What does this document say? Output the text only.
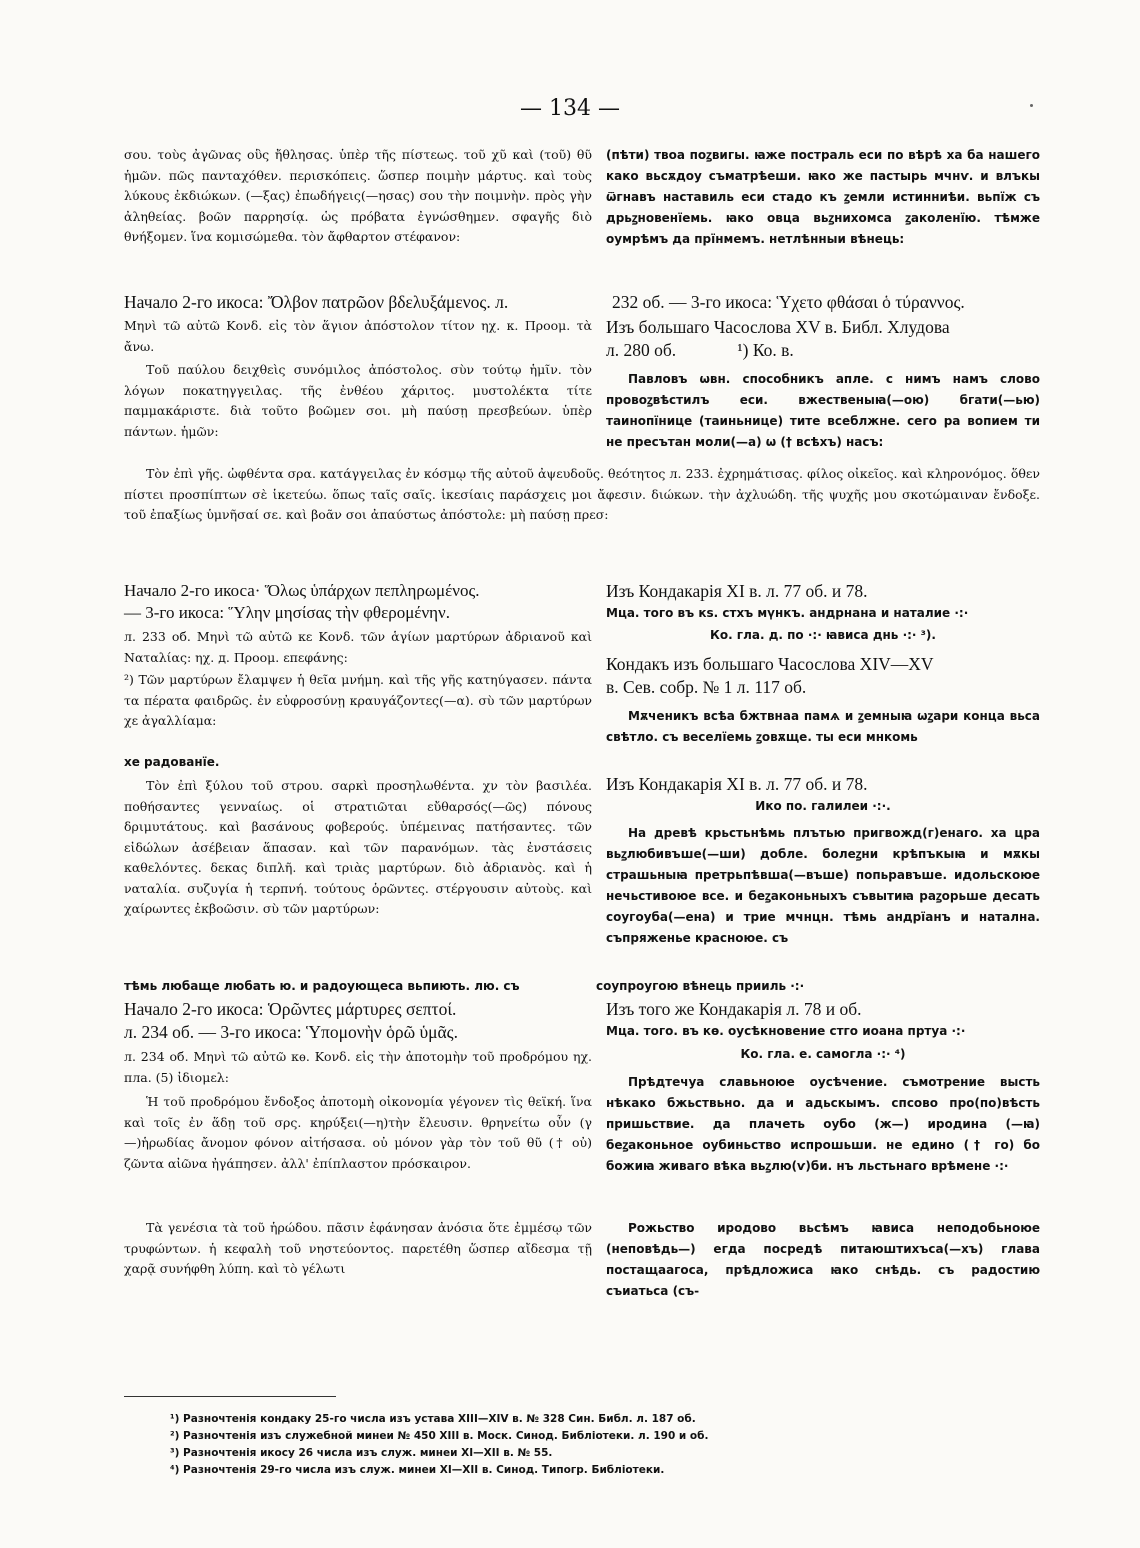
— 134 —
σου. τοὺς ἀγῶνας οὓς ἤθλησας. ὑπὲρ τῆς πίστεως. τοῦ χῦ καὶ (τοῦ) θῦ ἡμῶν. πῶς πανταχόθεν. περισκόπεις. ὥσπερ ποιμὴν μάρτυς. καὶ τοὺς λύκους ἐκδιώκων. (—ξας) ἐπωδήγεις(—ησας) σου τὴν ποιμνὴν. πρὸς γὴν ἀληθείας. βοῶν παρρησίᾳ. ὡς πρόβατα ἐγνώσθημεν. σφαγῆς διὸ θνήξομεν. ἵνα κομισώμεθα. τὸν ἄφθαρτον στέφανον:
Начало 2-го икоса: Ὄλβον πατρῶον βδελυξάμενος. л.
Μηνὶ τῶ αὐτῶ Κονδ. εἰς τὸν ἅγιον ἀπόστολον τίτον ηχ. к. Προομ. τὰ ἄνω.
Τοῦ παύλου δειχθεὶς συνόμιλος ἀπόστολος. σὺν τούτῳ ἡμῖν. τὸν λόγων ποκατηγγειλας. τῆς ἐνθέου χάριτος. μυστολέκτα τίτε παμμακάριστε. διὰ τοῦτο βοῶμεν σοι. μὴ παύσῃ πρεσβεύων. ὑπὲρ πάντων. ἡμῶν:
(пѣти) твоа поꙁвигы. ꙗже постраль еси по вѣрѣ ха ба нашего како вьсѫдоу съматрѣеши. ꙗко же пастырь мчнѵ. и влъкы ѿгнавъ наставиль еси стадо къ ꙁемли истинниѣи. вьпїж съ дрьꙁновенїемь. ꙗко овца вьꙁнихомса ꙁаколенїю. тѣмже оумрѣмъ да прїнмемъ. нетлѣнныи вѣнець:
232 об. — 3-го икоса: Ὑχετο φθάσαι ὁ τύραννος.
Изъ большаго Часослова XV в. Библ. Хлудова
л. 280 об.              ¹) Ко. в.
Павловъ ѡвн. способникъ апле. с нимъ намъ слово провоꙁвѣстилъ еси. вжественыꙗ(—ою) бгати(—ью) таинопїнице (таиньнице) тите всеблжне. сего ра вопием ти не пресътан моли(—а) ω († всѣхъ) насъ:
Τὸν ἐπὶ γῆς. ὠφθέντα σρα. κατάγγειλας ἐν κόσμῳ τῆς αὐτοῦ ἀψευδοῦς. θεότητος л. 233. ἐχρημάτισας. φίλος οἰκεῖος. καὶ κληρονόμος. ὅθεν πίστει προσπίπτων σὲ ἱκετεύω. ὅπως ταῖς σαῖς. ἱκεσίαις παράσχεις μοι ἄφεσιν. διώκων. τὴν ἀχλυώδη. τῆς ψυχῆς μου σκοτώμαιναν ἔνδοξε. τοῦ ἐπαξίως ὑμνῆσαί σε. καὶ βοᾶν σοι ἀπαύστως ἀπόστολε: μὴ παύσῃ πρεσ:
Начало 2-го икоса· Ὅλως ὑπάρχων πεπληρωμένος.
— 3-го икоса: Ὕλην μησίσας τὴν φθερομένην.
л. 233 об. Μηνὶ τῶ αὐτῶ κε Κονδ. τῶν ἁγίων μαρτύρων ἀδριανοῦ καὶ Ναταλίας: ηχ. д. Προομ. επεφάνης:
²) Τῶν μαρτύρων ἔλαμψεν ἡ θεῖα μνήμη. καὶ τῆς γῆς κατηύγασεν. πάντα τα πέρατα φαιδρῶς. ἐν εὐφροσύνῃ κραυγάζοντες(—α). σὺ τῶν μαρτύρων χε ἀγαλλίαμα:
хе радованїе.
Τὸν ἐπὶ ξύλου τοῦ στρου. σαρκὶ προσηλωθέντα. χν τὸν βασιλέα. ποθήσαντες γενναίως. οἱ στρατιῶται εὔθαρσός(—ῶς) πόνους δριμυτάτους. καὶ βασάνους φοβερούς. ὑπέμεινας πατήσαντες. τῶν εἰδώλων ἀσέβειαν ἅπασαν. καὶ τῶν παρανόμων. τὰς ἐνστάσεις καθελόντες. δεκας διπλῆ. καὶ τριὰς μαρτύρων. διὸ ἀδριανὸς. καὶ ἡ ναταλία. συζυγία ἡ τερπνή. τούτους ὁρῶντες. στέργουσιν αὐτοὺς. καὶ χαίρωντες ἐκβοῶσιν. σὺ τῶν μαρτύρων:
тѣмь любаще любать ю. и радоующеса вьпиють. лю. съ
Начало 2-го икоса: Ὁρῶντες μάρτυρες σεπτοί.
л. 234 об. — 3-го икоса: Ὑπομονὴν ὁρῶ ὑμᾶς.
л. 234 об. Μηνὶ τῶ αὐτῶ кѳ. Κονδ. εἰς τὴν ἀποτομὴν τοῦ προδρόμου ηχ. пла. (5) ἰδιομελ:
Ἡ τοῦ προδρόμου ἔνδοξος ἀποτομὴ οἰκονομία γέγονεν τὶς θεϊκή. ἵνα καὶ τοῖς ἐν ἅδῃ τοῦ σρς. κηρύξει(—η)τὴν ἔλευσιν. θρηνείτω οὖν (γ—)ἡρωδίας ἄνομον φόνον αἰτήσασα. οὐ μόνον γὰρ τὸν τοῦ θῦ († οὐ) ζῶντα αἰῶνα ἠγάπησεν. ἀλλ' ἐπίπλαστον πρόσκαιρον.
Τὰ γενέσια τὰ τοῦ ἡρώδου. πᾶσιν ἐφάνησαν ἀνόσια ὅτε ἐμμέσῳ τῶν τρυφώντων. ἡ κεφαλὴ τοῦ νηστεύοντος. παρετέθη ὥσπερ αἴδεσμα τῇ χαρᾷ συνήφθη λύπη. καὶ τὸ γέλωτι
Изъ Кондакарія XI в. л. 77 об. и 78.
Мца. того въ кѕ. стхъ мүнкъ. андрнана и наталие ·:·
Ко. гла. д. по ·:· ꙗвиса днь ·:· ³).
Кондакъ изъ большаго Часослова XIV—XV
в. Сев. собр. № 1 л. 117 об.
Мѫченикъ всѣа бжтвнаа памѧ и ꙁемныꙗ ѡꙁари конца вьса свѣтло. съ веселїемь ꙁовѫще. ты еси мнкомь
Изъ Кондакарія XI в. л. 77 об. и 78.
Ико по. галилеи ·:·.
На древѣ крьстьнѣмь плътью пригвожд(г)енаго. ха цра вьꙁлюбивъше(—ши) добле. болеꙁни крѣпъкыꙗ и мѫкы страшьныꙗ претрьпѣвша(—въше) попьравъше. идольскоюе нечьстивоюе все. и беꙁаконьныхъ съвытиꙗ раꙁорьше десать соугоуба(—ена) и трие мчнцн. тѣмь андрїанъ и натална. съпряженье красноюе. съ
соупроугою вѣнець прииль ·:·
Изъ того же Кондакарія л. 78 и об.
Мца. того. въ кѳ. оусѣкновение стго иоана пртуа ·:·
Ко. гла. е. самогла ·:· ⁴)
Прѣдтечуа славьноюе оусѣчение. съмотрение высть нѣкако бжьствьно. да и адьскымъ. спсово про(по)вѣсть пришьствие. да плачеть оубо (ж—) иродина (—ꙗ) беꙁаконьное оубиньство испрошьши. не едино († го) бо божиꙗ живаго вѣка вьꙁлю(ѵ)би. нъ льстьнаго врѣмене ·:·
Рожьство иродово вьсѣмъ ꙗвиса неподобьноюе (неповѣдь—) егда посредѣ питаюштихъса(—хъ) глава постащаагоса, прѣдложиса ꙗко снѣдь. съ радостию съиатьса (съ-
¹) Разночтенія кондаку 25-го числа изъ устава XIII—XIV в. № 328 Син. Библ. л. 187 об.
²) Разночтенія изъ служебной минеи № 450 XIII в. Моск. Синод. Библіотеки. л. 190 и об.
³) Разночтенія икосу 26 числа изъ служ. минеи XI—XII в. № 55.
⁴) Разночтенія 29-го числа изъ служ. минеи XI—XII в. Синод. Типогр. Библіотеки.
